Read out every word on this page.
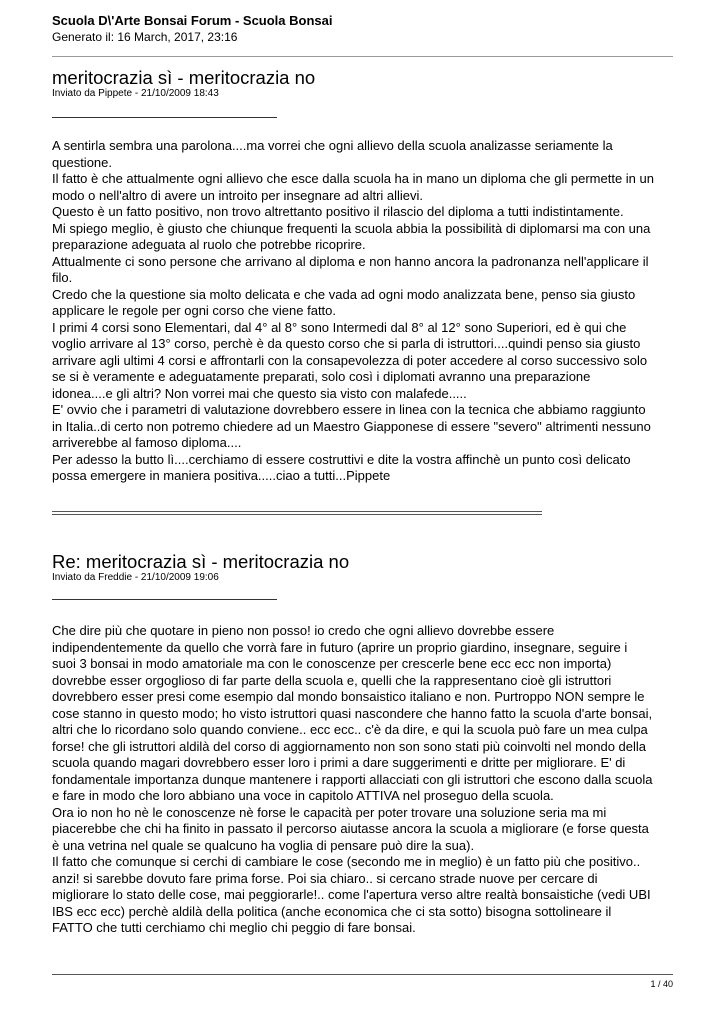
Scuola D\'Arte Bonsai Forum - Scuola Bonsai
Generato il: 16 March, 2017, 23:16
meritocrazia sì - meritocrazia no
Inviato da Pippete - 21/10/2009 18:43

A sentirla sembra una parolona....ma vorrei che ogni allievo della scuola analizasse seriamente la

questione.

Il fatto è che attualmente ogni allievo che esce dalla scuola ha in mano un diploma che gli permette in un

modo o nell'altro di avere un introito per insegnare ad altri allievi.

Questo è un fatto positivo, non trovo altrettanto positivo il rilascio del diploma a tutti indistintamente.

Mi spiego meglio, è giusto che chiunque frequenti la scuola abbia la possibilità di diplomarsi ma con una

preparazione adeguata al ruolo che potrebbe ricoprire.

Attualmente ci sono persone che arrivano al diploma e non hanno ancora la padronanza nell'applicare il

filo.

Credo che la questione sia molto delicata e che vada ad ogni modo analizzata bene, penso sia giusto

applicare le regole per ogni corso che viene fatto.

I primi 4 corsi sono Elementari, dal 4° al 8° sono Intermedi dal 8° al 12° sono Superiori, ed è qui che

voglio arrivare al 13° corso, perchè è da questo corso che si parla di istruttori....quindi penso sia giusto

arrivare agli ultimi 4 corsi e affrontarli con la consapevolezza di poter accedere al corso successivo solo

se si è veramente e adeguatamente preparati, solo così i diplomati avranno una preparazione

idonea....e gli altri? Non vorrei mai che questo sia visto con malafede.....

E' ovvio che i parametri di valutazione dovrebbero essere in linea con la tecnica che abbiamo raggiunto

in Italia..di certo non potremo chiedere ad un Maestro Giapponese di essere "severo" altrimenti nessuno

arriverebbe al famoso diploma....

Per adesso la butto lì....cerchiamo di essere costruttivi e dite la vostra affinchè un punto così delicato

possa emergere in maniera positiva.....ciao a tutti...Pippete

Re: meritocrazia sì - meritocrazia no
Inviato da Freddie - 21/10/2009 19:06

Che dire più che quotare in pieno non posso! io credo che ogni allievo dovrebbe essere

indipendentemente da quello che vorrà fare in futuro (aprire un proprio giardino, insegnare, seguire i

suoi 3 bonsai in modo amatoriale ma con le conoscenze per crescerle bene ecc ecc non importa)

dovrebbe esser orgoglioso di far parte della scuola e, quelli che la rappresentano cioè gli istruttori

dovrebbero esser presi come esempio dal mondo bonsaistico italiano e non. Purtroppo NON sempre le

cose stanno in questo modo; ho visto istruttori quasi nascondere che hanno fatto la scuola d'arte bonsai,

altri che lo ricordano solo quando conviene.. ecc ecc.. c'è da dire, e qui la scuola può fare un mea culpa

forse! che gli istruttori aldilà del corso di aggiornamento non son sono stati più coinvolti nel mondo della

scuola quando magari dovrebbero esser loro i primi a dare suggerimenti e dritte per migliorare. E' di

fondamentale importanza dunque mantenere i rapporti allacciati con gli istruttori che escono dalla scuola

e fare in modo che loro abbiano una voce in capitolo ATTIVA nel proseguo della scuola.

Ora io non ho nè le conoscenze nè forse le capacità per poter trovare una soluzione seria ma mi

piacerebbe che chi ha finito in passato il percorso aiutasse ancora la scuola a migliorare (e forse questa

è una vetrina nel quale se qualcuno ha voglia di pensare può dire la sua).

Il fatto che comunque si cerchi di cambiare le cose (secondo me in meglio) è un fatto più che positivo..

anzi! si sarebbe dovuto fare prima forse. Poi sia chiaro.. si cercano strade nuove per cercare di

migliorare lo stato delle cose, mai peggiorarle!.. come l'apertura verso altre realtà bonsaistiche (vedi UBI

IBS ecc ecc) perchè aldilà della politica (anche economica che ci sta sotto) bisogna sottolineare il

FATTO che tutti cerchiamo chi meglio chi peggio di fare bonsai.

1 / 40
